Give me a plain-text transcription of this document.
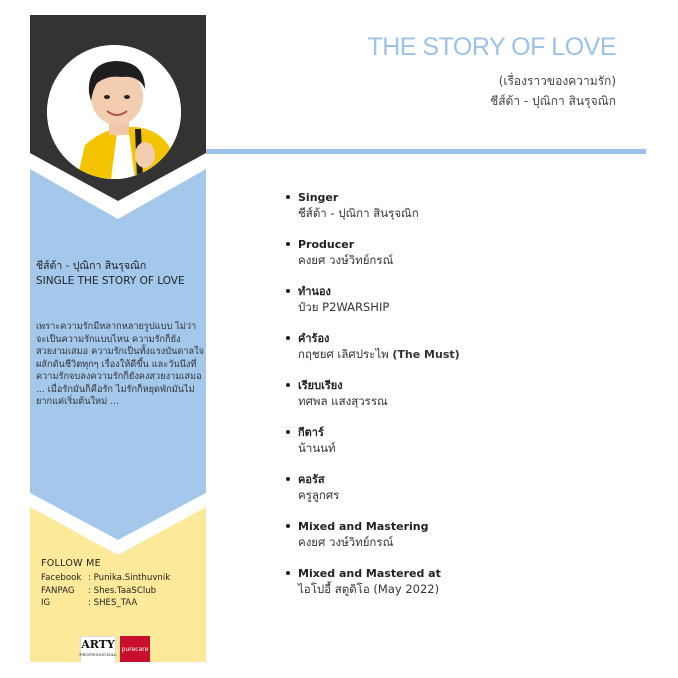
ชีส์ต้า - ปุณิกา สินรุจณิก
SINGLE THE STORY OF LOVE
เพราะความรักมีหลากหลายรูปแบบ ไม่ว่าจะเป็นความรักแบบไหน ความรักก็ยังสวยงามเสมอ ความรักเป็นทั้งแรงบันดาลใจ ผลักดันชีวิตทุกๆ เรื่องให้ดีขึ้น และวันนึงที่ความรักจบลงความรักก็ยังคงสวยงามเสมอ ... เมื่อรักมันก็คือรัก ไม่รักก็หยุดพักมันไม่ยากแค่เริ่มต้นใหม่ ...
FOLLOW ME
Facebook : Punika.Sinthuvnik
FANPAG	: Shes.TaaSClub
IG	: SHES_TAA
ARTY
PROFESSIONAL
purecare
THE STORY OF LOVE
(เรื่องราวของความรัก)
ชีส์ต้า - ปุณิกา สินรุจณิก
Singer
ชีส์ต้า - ปุณิกา สินรุจณิก
Producer
คงยศ วงษ์วิทย์กรณ์
ทำนอง
ป๋วย P2WARSHIP
คำร้อง
กฤชยศ เลิศประไพ (The Must)
เรียบเรียง
ทศพล แสงสุวรรณ
กีตาร์
น้านนท์
คอรัส
ครูลูกศร
Mixed and Mastering
คงยศ วงษ์วิทย์กรณ์
Mixed and Mastered at
ไอโปอี้ สตูดิโอ (May 2022)
